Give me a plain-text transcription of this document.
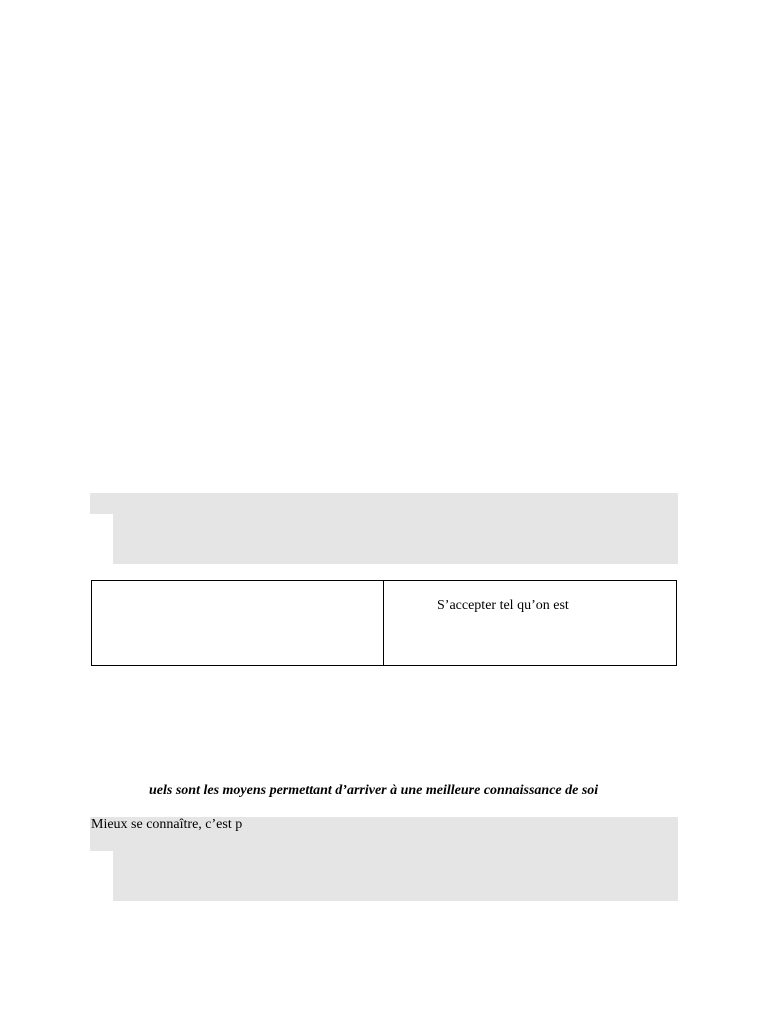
S’accepter tel qu’on est
uels sont les moyens permettant d’arriver à une meilleure connaissance de soi
Mieux se connaître, c’est p
